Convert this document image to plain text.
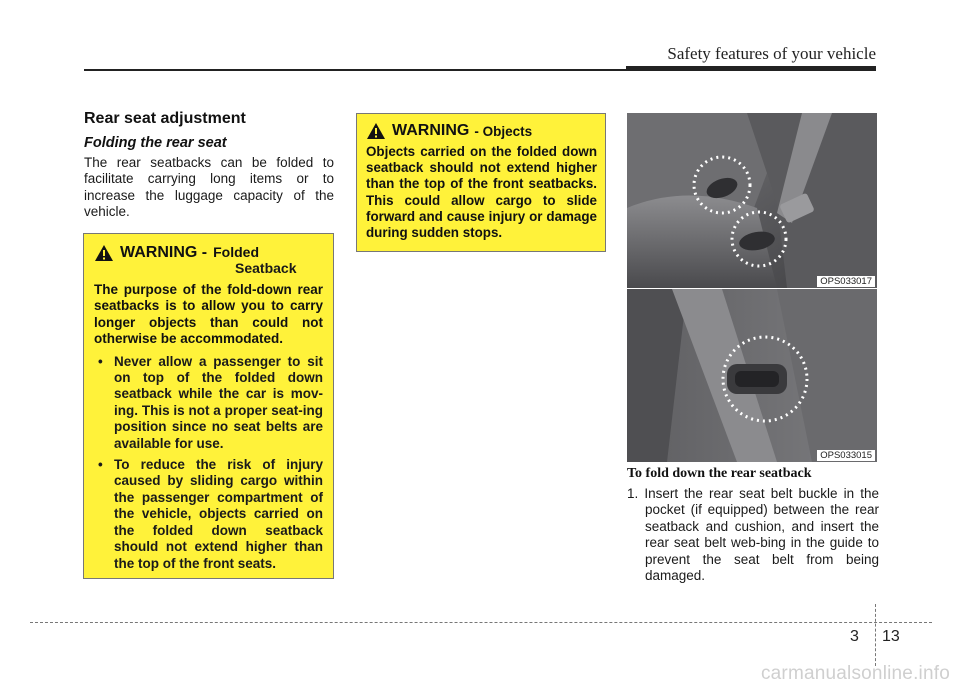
Safety features of your vehicle
Rear seat adjustment
Folding the rear seat
The rear seatbacks can be folded to facilitate carrying long items or to increase the luggage capacity of the vehicle.
WARNING - Folded
Seatback
The purpose of the fold-down rear seatbacks is to allow you to carry longer objects than could not otherwise be accommodated.
• Never allow a passenger to sit on top of the folded down seatback while the car is mov-ing. This is not a proper seat-ing position since no seat belts are available for use.
• To reduce the risk of injury caused by sliding cargo within the passenger compartment of the vehicle, objects carried on the folded down seatback should not extend higher than the top of the front seats.
WARNING - Objects
Objects carried on the folded down seatback should not extend higher than the top of the front seatbacks. This could allow cargo to slide forward and cause injury or damage during sudden stops.
OPS033017
OPS033015
To fold down the rear seatback
1. Insert the rear seat belt buckle in the pocket (if equipped) between the rear seatback and cushion, and insert the rear seat belt web-bing in the guide to prevent the seat belt from being damaged.
3 13
carmanualsonline.info
